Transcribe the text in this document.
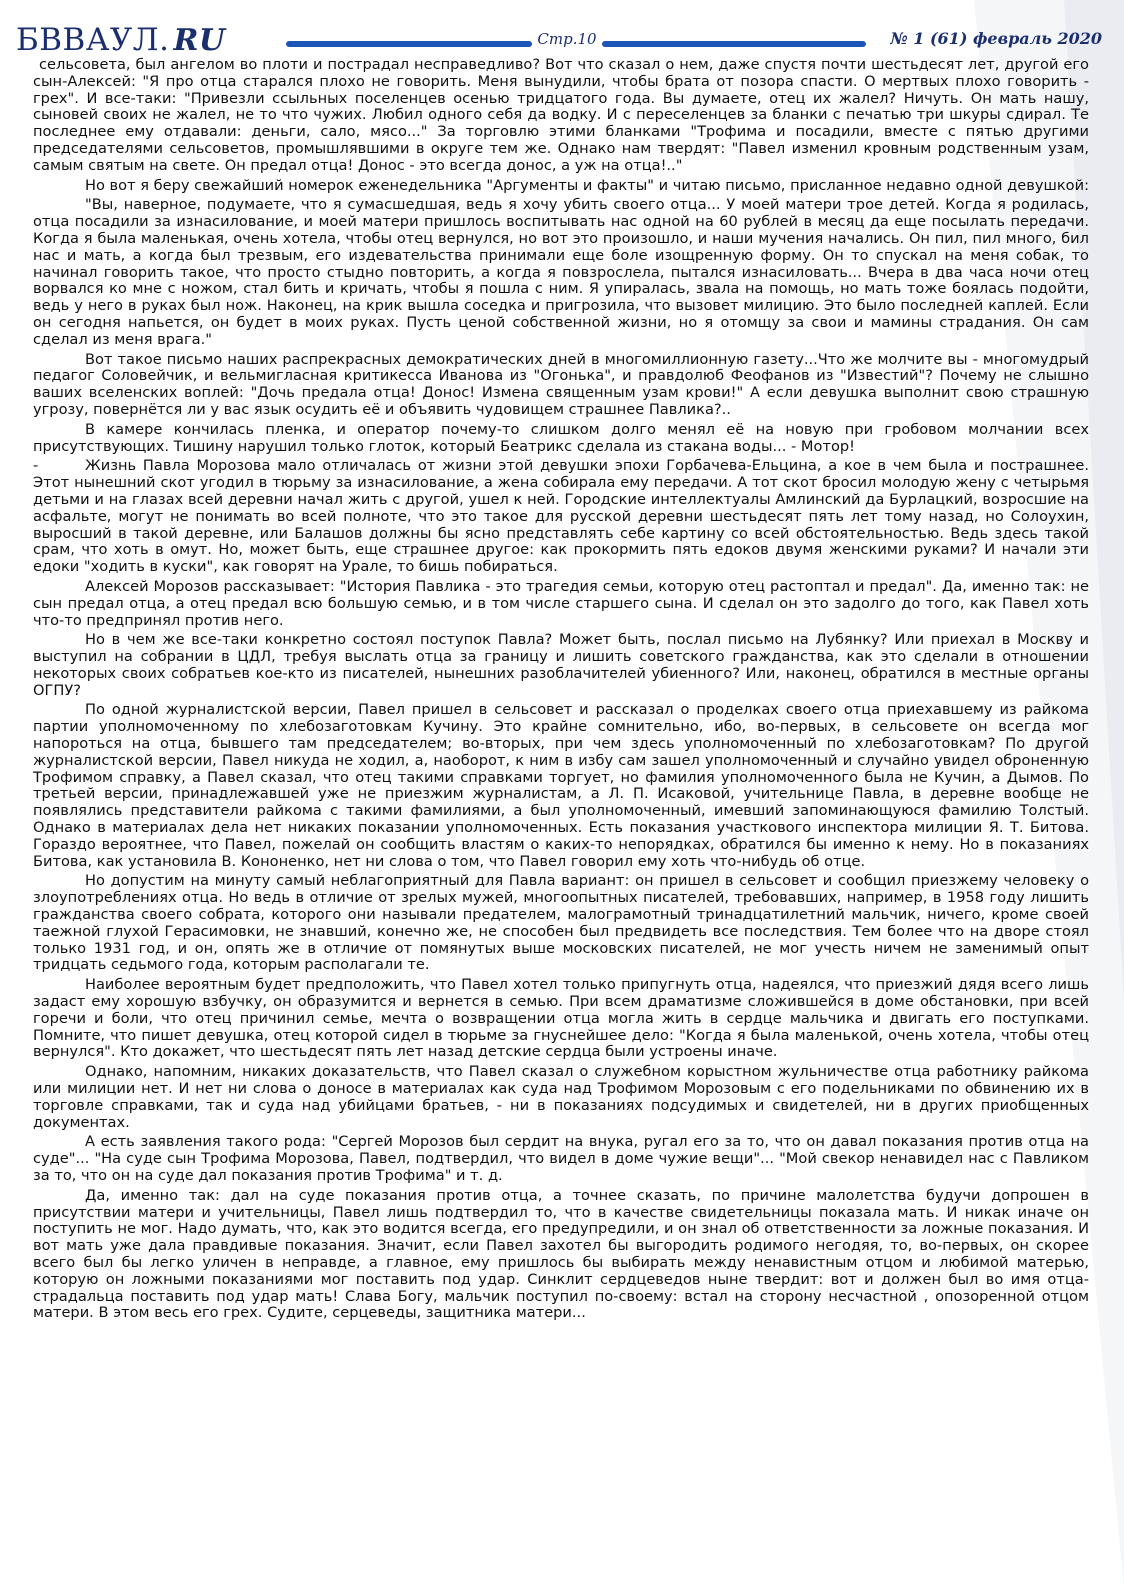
БВВАУЛ. RU	Стр.10	№ 1 (61) февраль 2020

сельсовета, был ангелом во плоти и пострадал несправедливо? Вот что сказал о нем, даже спустя почти шестьдесят лет, другой его сын-Алексей: "Я про отца старался плохо не говорить. Меня вынудили, чтобы брата от позора спасти. О мертвых плохо говорить - грех". И все-таки: "Привезли ссыльных поселенцев осенью тридцатого года. Вы думаете, отец их жалел? Ничуть. Он мать нашу, сыновей своих не жалел, не то что чужих. Любил одного себя да водку. И с переселенцев за бланки с печатью три шкуры сдирал. Те последнее ему отдавали: деньги, сало, мясо..." За торговлю этими бланками "Трофима и посадили, вместе с пятью другими председателями сельсоветов, промышлявшими в округе тем же. Однако нам твердят: "Павел изменил кровным родственным узам, самым святым на свете. Он предал отца! Донос - это всегда донос, а уж на отца!.."

Но вот я беру свежайший номерок еженедельника "Аргументы и факты" и читаю письмо, присланное недавно одной девушкой:

"Вы, наверное, подумаете, что я сумасшедшая, ведь я хочу убить своего отца... У моей матери трое детей. Когда я родилась, отца посадили за изнасилование, и моей матери пришлось воспитывать нас одной на 60 рублей в месяц да еще посылать передачи. Когда я была маленькая, очень хотела, чтобы отец вернулся, но вот это произошло, и наши мучения начались. Он пил, пил много, бил нас и мать, а когда был трезвым, его издевательства принимали еще боле изощренную форму. Он то спускал на меня собак, то начинал говорить такое, что просто стыдно повторить, а когда я повзрослела, пытался изнасиловать... Вчера в два часа ночи отец ворвался ко мне с ножом, стал бить и кричать, чтобы я пошла с ним. Я упиралась, звала на помощь, но мать тоже боялась подойти, ведь у него в руках был нож. Наконец, на крик вышла соседка и пригрозила, что вызовет милицию. Это было последней каплей. Если он сегодня напьется, он будет в моих руках. Пусть ценой собственной жизни, но я отомщу за свои и мамины страдания. Он сам сделал из меня врага."

Вот такое письмо наших распрекрасных демократических дней в многомиллионную газету...Что же молчите вы - многомудрый педагог Соловейчик, и вельмигласная критикесса Иванова из "Огонька", и правдолюб Феофанов из "Известий"? Почему не слышно ваших вселенских воплей: "Дочь предала отца! Донос! Измена священным узам крови!" А если девушка выполнит свою страшную угрозу, повернётся ли у вас язык осудить её и объявить чудовищем страшнее Павлика?..

В камере кончилась пленка, и оператор почему-то слишком долго менял её на новую при гробовом молчании всех присутствующих. Тишину нарушил только глоток, который Беатрикс сделала из стакана воды... - Мотор!

-	Жизнь Павла Морозова мало отличалась от жизни этой девушки эпохи Горбачева-Ельцина, а кое в чем была и пострашнее. Этот нынешний скот угодил в тюрьму за изнасилование, а жена собирала ему передачи. А тот скот бросил молодую жену с четырьмя детьми и на глазах всей деревни начал жить с другой, ушел к ней. Городские интеллектуалы Амлинский да Бурлацкий, возросшие на асфальте, могут не понимать во всей полноте, что это такое для русской деревни шестьдесят пять лет тому назад, но Солоухин, выросший в такой деревне, или Балашов должны бы ясно представлять себе картину со всей обстоятельностью. Ведь здесь такой срам, что хоть в омут. Но, может быть, еще страшнее другое: как прокормить пять едоков двумя женскими руками? И начали эти едоки "ходить в куски", как говорят на Урале, то бишь побираться.

Алексей Морозов рассказывает: "История Павлика - это трагедия семьи, которую отец растоптал и предал". Да, именно так: не сын предал отца, а отец предал всю большую семью, и в том числе старшего сына. И сделал он это задолго до того, как Павел хоть что-то предпринял против него.

Но в чем же все-таки конкретно состоял поступок Павла? Может быть, послал письмо на Лубянку? Или приехал в Москву и выступил на собрании в ЦДЛ, требуя выслать отца за границу и лишить советского гражданства, как это сделали в отношении некоторых своих собратьев кое-кто из писателей, нынешних разоблачителей убиенного? Или, наконец, обратился в местные органы ОГПУ?

По одной журналистской версии, Павел пришел в сельсовет и рассказал о проделках своего отца приехавшему из райкома партии уполномоченному по хлебозаготовкам Кучину. Это крайне сомнительно, ибо, во-первых, в сельсовете он всегда мог напороться на отца, бывшего там председателем; во-вторых, при чем здесь уполномоченный по хлебозаготовкам? По другой журналистской версии, Павел никуда не ходил, а, наоборот, к ним в избу сам зашел уполномоченный и случайно увидел оброненную Трофимом справку, а Павел сказал, что отец такими справками торгует, но фамилия уполномоченного была не Кучин, а Дымов. По третьей версии, принадлежавшей уже не приезжим журналистам, а Л. П. Исаковой, учительнице Павла, в деревне вообще не появлялись представители райкома с такими фамилиями, а был уполномоченный, имевший запоминающуюся фамилию Толстый. Однако в материалах дела нет никаких показании уполномоченных. Есть показания участкового инспектора милиции Я. Т. Битова. Гораздо вероятнее, что Павел, пожелай он сообщить властям о каких-то непорядках, обратился бы именно к нему. Но в показаниях Битова, как установила В. Кононенко, нет ни слова о том, что Павел говорил ему хоть что-нибудь об отце.

Но допустим на минуту самый неблагоприятный для Павла вариант: он пришел в сельсовет и сообщил приезжему человеку о злоупотреблениях отца. Но ведь в отличие от зрелых мужей, многоопытных писателей, требовавших, например, в 1958 году лишить гражданства своего собрата, которого они называли предателем, малограмотный тринадцатилетний мальчик, ничего, кроме своей таежной глухой Герасимовки, не знавший, конечно же, не способен был предвидеть все последствия. Тем более что на дворе стоял только 1931 год, и он, опять же в отличие от помянутых выше московских писателей, не мог учесть ничем не заменимый опыт тридцать седьмого года, которым располагали те.

Наиболее вероятным будет предположить, что Павел хотел только припугнуть отца, надеялся, что приезжий дядя всего лишь задаст ему хорошую взбучку, он образумится и вернется в семью. При всем драматизме сложившейся в доме обстановки, при всей горечи и боли, что отец причинил семье, мечта о возвращении отца могла жить в сердце мальчика и двигать его поступками. Помните, что пишет девушка, отец которой сидел в тюрьме за гнуснейшее дело: "Когда я была маленькой, очень хотела, чтобы отец вернулся". Кто докажет, что шестьдесят пять лет назад детские сердца были устроены иначе.

Однако, напомним, никаких доказательств, что Павел сказал о служебном корыстном жульничестве отца работнику райкома или милиции нет. И нет ни слова о доносе в материалах как суда над Трофимом Морозовым с его подельниками по обвинению их в торговле справками, так и суда над убийцами братьев, - ни в показаниях подсудимых и свидетелей, ни в других приобщенных документах.

А есть заявления такого рода: "Сергей Морозов был сердит на внука, ругал его за то, что он давал показания против отца на суде"... "На суде сын Трофима Морозова, Павел, подтвердил, что видел в доме чужие вещи"... "Мой свекор ненавидел нас с Павликом за то, что он на суде дал показания против Трофима" и т. д.

Да, именно так: дал на суде показания против отца, а точнее сказать, по причине малолетства будучи допрошен в присутствии матери и учительницы, Павел лишь подтвердил то, что в качестве свидетельницы показала мать. И никак иначе он поступить не мог. Надо думать, что, как это водится всегда, его предупредили, и он знал об ответственности за ложные показания. И вот мать уже дала правдивые показания. Значит, если Павел захотел бы выгородить родимого негодяя, то, во-первых, он скорее всего был бы легко уличен в неправде, а главное, ему пришлось бы выбирать между ненавистным отцом и любимой матерью, которую он ложными показаниями мог поставить под удар. Синклит сердцеведов ныне твердит: вот и должен был во имя отца-страдальца поставить под удар мать! Слава Богу, мальчик поступил по-своему: встал на сторону несчастной , опозоренной отцом матери. В этом весь его грех. Судите, серцеведы, защитника матери...
